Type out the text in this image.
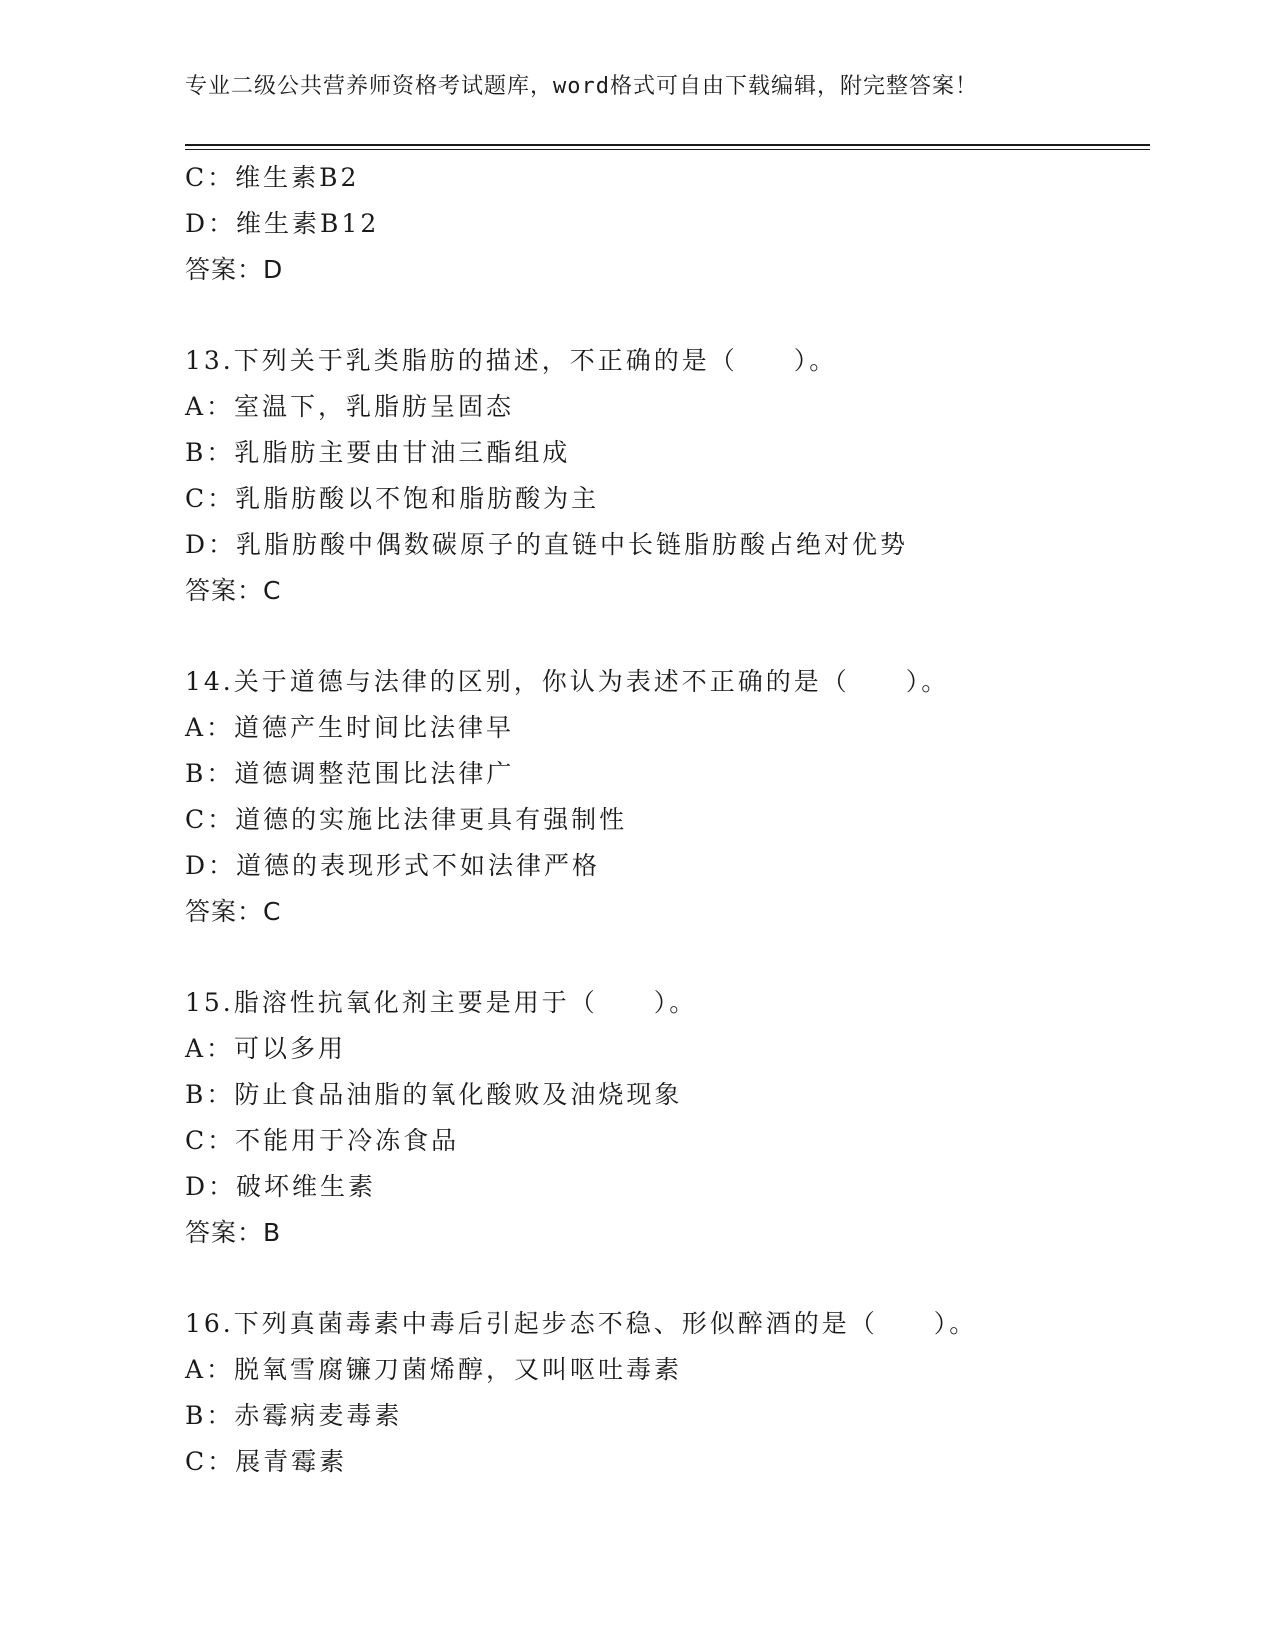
专业二级公共营养师资格考试题库，word格式可自由下载编辑，附完整答案！
C：维生素B2
D：维生素B12
答案：D
13.下列关于乳类脂肪的描述，不正确的是（　　）。
A：室温下，乳脂肪呈固态
B：乳脂肪主要由甘油三酯组成
C：乳脂肪酸以不饱和脂肪酸为主
D：乳脂肪酸中偶数碳原子的直链中长链脂肪酸占绝对优势
答案：C
14.关于道德与法律的区别，你认为表述不正确的是（　　）。
A：道德产生时间比法律早
B：道德调整范围比法律广
C：道德的实施比法律更具有强制性
D：道德的表现形式不如法律严格
答案：C
15.脂溶性抗氧化剂主要是用于（　　）。
A：可以多用
B：防止食品油脂的氧化酸败及油烧现象
C：不能用于冷冻食品
D：破坏维生素
答案：B
16.下列真菌毒素中毒后引起步态不稳、形似醉酒的是（　　）。
A：脱氧雪腐镰刀菌烯醇，又叫呕吐毒素
B：赤霉病麦毒素
C：展青霉素
